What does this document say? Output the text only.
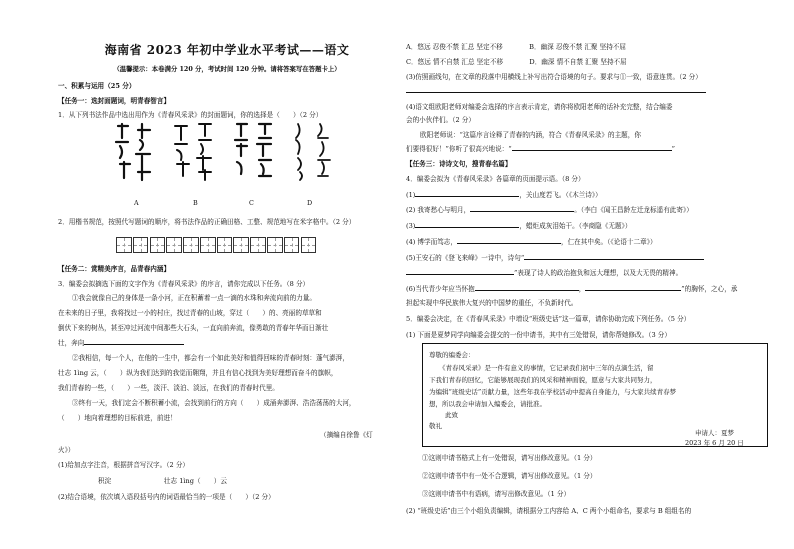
海南省 2023 年初中学业水平考试——语文
（温馨提示：本卷满分 120 分，考试时间 120 分钟。请将答案写在答题卡上）
一、积累与运用（25 分）
【任务一：选封面题词，明青春智言】
1．从下列书法作品中选出用作为《青春风采录》的封面题词，你的选择是（　　）（2 分）
A	B	C	D
2．用楷书规范，按照代写题词的顺序，将书法作品的正确田格、工整、规范地写在米字格中。（2 分）
【任务二：赏精美序言，品青春内涵】
3．编委会拟摘选下面的文字作为《青春风采录》的序言，请你完成以下任务。（8 分）
①我会就像自己的身体是一条小河，正在积蓄着一点一滴的水珠和奔流向前的力量。
在未来的日子里，我将找过一小的村庄，找过青春的山坡，穿过（　　）的、亮丽的草草和
倒伏下来的树丛，甚至冲过河流中间那些大石头，一直向前奔流，像勇敢的青春年华而日渐壮
壮，奔向
②我相信，每一个人，在他的一生中，都会有一个如此美好和值得回味的青春时刻：蓬气澎湃，
壮志 1ìng 云，（　　）纵为我们达到的我觉而翱翔，并且有信心找到为美好理想而奋斗的旗帜，
我们青春的一些，（　　）一些，淡汗、淡泊、淡远，在我们的青春时代里。
③终有一天，我们定会不断积蓄小流，会找到前行的方向（　　）成涌奔澎湃、浩浩荡荡的大河，
（　　）地向着理想的目标前进，前进！
（摘编自徐鲁《灯
火》）
(1)给加点字注音，根据拼音写汉字。（2 分）
积淀　　　　　　　　壮志 1ìng（　　）云
(2)结合语境，依次填入语段括号内的词语最恰当的一项是（　　）（2 分）
A．悠远 忍俊不禁 汇总 坚定不移　　　　B．幽深 忍俊不禁 汇聚 坚持不屈
C．悠远 情不自禁 汇总 坚定不移　　　　D．幽深 情不自禁 汇聚 坚持不屈
(3)仿照画线句，在文章的段落中用横线上补写出符合语境的句子。要求与①一致，语意连贯。（2 分）
(4)语文组欧阳老师对编委会选择的序言表示肯定，请你将欧阳老师的话补充完整，结合编委
会的小伙伴们。（2 分）
欧阳老师说：“这篇序言诠释了青春的内涵，符合《青春风采录》的主题，你
们要得很好！”你听了很高兴地说：“	”
【任务三：诗诗文句，搜青春名篇】
4．编委会拟为《青春风采录》各篇章的页面提示语。（8 分）
(1)	，关山度若飞。（《木兰诗》）
(2) 我寄愁心与明月，	。（李白《闻王昌龄左迁龙标遥有此寄》）
(3)	，蜡炬成灰泪始干。（李商隐《无题》）
(4) 博学而笃志，	，仁在其中矣。（《论语十二章》）
(5)王安石的《登飞来峰》一诗中，诗句“
”表现了诗人的政治抱负和远大理想，以及大无畏的精神。
(6)当代青少年应当怀抱	，	”的胸怀，之心，承
担起实现中华民族伟大复兴的中国梦的重任，不负新时代。
5．编委会决定，在《青春风采录》中增设“班级史话”这一篇章，请你协助完成下列任务。（5 分）
(1) 下面是夏梦同学向编委会提交的一份申请书，其中有三处错误，请你帮她修改。（3 分）
尊敬的编委会：
《青春风采录》是一件有意义的事情，它记录我们初中三年的点滴生活，留
下我们青春的回忆，它能够展现我们的风采和精神面貌，愿意与大家共同努力，
为编辑“班级史话”贡献力量，这些年我在学校活动中提高自身能力，与大家共续青春梦
想，所以我会申请加入编委会，请批准。
此致
敬礼
申请人：夏梦
2023 年 6 月 20 日
①这则申请书格式上有一处错误，请写出修改意见。（1 分）
②这则申请书中有一处不合逻辑，请写出修改意见。（1 分）
③这则申请书中有语病，请写出修改意见。（1 分）
(2) “班级史话”由三个小组负责编辑，请根据分工内容给 A、C 两个小组命名，要求与 B 组组名的
